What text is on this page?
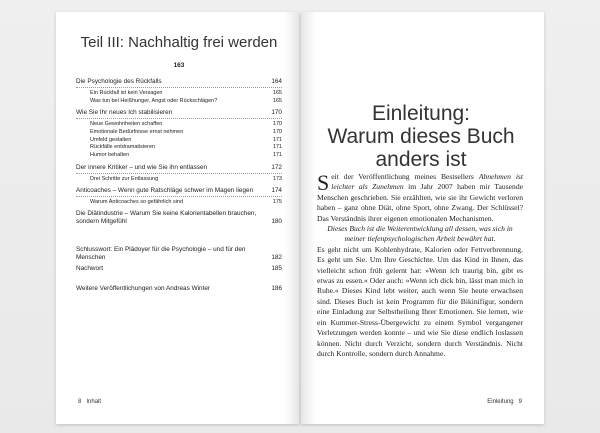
Teil III: Nachhaltig frei werden
163
Die Psychologie des Rückfalls	164
Ein Rückfall ist kein Versagen	165
Was tun bei Heißhunger, Angst oder Rückschlägen?	165
Wie Sie Ihr neues Ich stabilisieren	170
Neue Gewohnheiten schaffen	170
Emotionale Bedürfnisse ernst nehmen	170
Umfeld gestalten	171
Rückfälle entdramatisieren	171
Humor behalten	171
Der innere Kritiker – und wie Sie ihn entlassen	172
Drei Schritte zur Entlassung	173
Anticoaches – Wenn gute Ratschläge schwer im Magen liegen	174
Warum Anticoaches so gefährlich sind	175
Die Diätindustrie – Warum Sie keine Kalorientabellen brauchen, sondern Mitgefühl	180
Schlusswort: Ein Plädoyer für die Psychologie – und für den Menschen	182
Nachwort	185
Weitere Veröffentlichungen von Andreas Winter	186
8 Inhalt
Einleitung:
Warum dieses Buch
anders ist

Seit der Veröffentlichung meines Bestsellers Abnehmen ist leichter als Zunehmen im Jahr 2007 haben mir Tausende Menschen geschrieben. Sie erzählten, wie sie ihr Gewicht verloren haben – ganz ohne Diät, ohne Sport, ohne Zwang. Der Schlüssel? Das Verständnis ihrer eigenen emotionalen Mechanismen.

Dieses Buch ist die Weiterentwicklung all dessen, was sich in meiner tiefenpsychologischen Arbeit bewährt hat.

Es geht nicht um Kohlenhydrate, Kalorien oder Fettverbrennung. Es geht um Sie. Um Ihre Geschichte. Um das Kind in Ihnen, das vielleicht schon früh gelernt hat: »Wenn ich traurig bin, gibt es etwas zu essen.« Oder auch: »Wenn ich dick bin, lässt man mich in Ruhe.« Dieses Kind lebt weiter, auch wenn Sie heute erwachsen sind. Dieses Buch ist kein Programm für die Bikinifigur, sondern eine Einladung zur Selbstheilung Ihrer Emotionen. Sie lernen, wie ein Kummer-Stress-Übergewicht zu einem Symbol vergangener Verletzungen werden konnte – und wie Sie diese endlich loslassen können. Nicht durch Verzicht, sondern durch Verständnis. Nicht durch Kontrolle, sondern durch Annahme.

Einleitung 9
